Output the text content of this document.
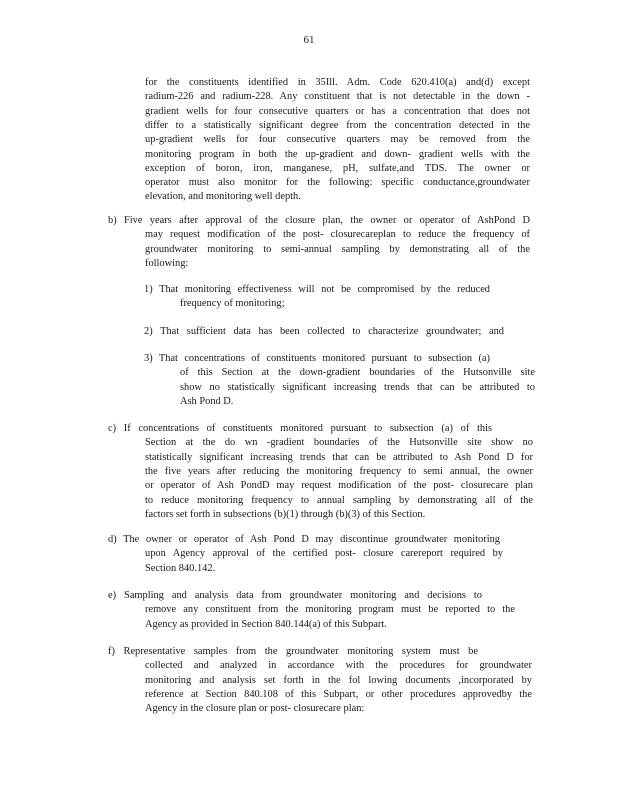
61
for the constituents identified in 35Ill. Adm. Code 620.410(a) and(d) except
radium-226 and radium-228. Any constituent that is not detectable in the down -
gradient wells for four consecutive quarters or has a concentration that does not
differ to a statistically significant degree from the concentration detected in the
up-gradient wells for four consecutive quarters may be removed from the
monitoring program in both the up-gradient and down- gradient wells with the
exception of boron, iron, manganese, pH, sulfate,and TDS. The owner or
operator must also monitor for the following: specific conductance,groundwater
elevation, and monitoring well depth.
b) Five years after approval of the closure plan, the owner or operator of AshPond D
may request modification of the post- closurecareplan to reduce the frequency of
groundwater monitoring to semi-annual sampling by demonstrating all of the
following:
1) That monitoring effectiveness will not be compromised by the reduced
frequency of monitoring;
2) That sufficient data has been collected to characterize groundwater; and
3) That concentrations of constituents monitored pursuant to subsection (a)
of this Section at the down-gradient boundaries of the Hutsonville site
show no statistically significant increasing trends that can be attributed to
Ash Pond D.
c) If concentrations of constituents monitored pursuant to subsection (a) of this
Section at the do wn -gradient boundaries of the Hutsonville site show no
statistically significant increasing trends that can be attributed to Ash Pond D for
the five years after reducing the monitoring frequency to semi annual, the owner
or operator of Ash PondD may request modification of the post- closurecare plan
to reduce monitoring frequency to annual sampling by demonstrating all of the
factors set forth in subsections (b)(1) through (b)(3) of this Section.
d) The owner or operator of Ash Pond D may discontinue groundwater monitoring
upon Agency approval of the certified post- closure carereport required by
Section 840.142.
e) Sampling and analysis data from groundwater monitoring and decisions to
remove any constituent from the monitoring program must be reported to the
Agency as provided in Section 840.144(a) of this Subpart.
f) Representative samples from the groundwater monitoring system must be
collected and analyzed in accordance with the procedures for groundwater
monitoring and analysis set forth in the fol lowing documents ,incorporated by
reference at Section 840.108 of this Subpart, or other procedures approvedby the
Agency in the closure plan or post- closurecare plan:
